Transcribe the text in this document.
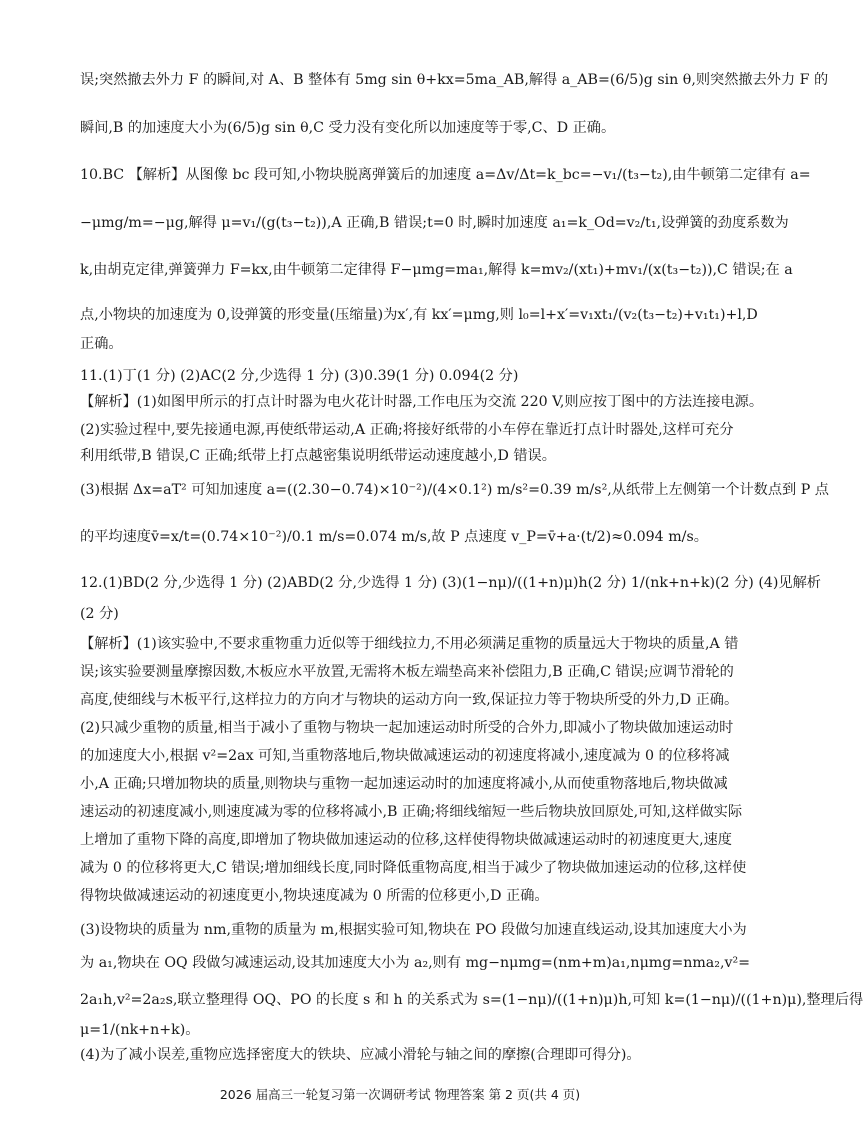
误;突然撤去外力 F 的瞬间,对 A、B 整体有 5mg sin θ+kx=5ma_AB,解得 a_AB=(6/5)g sin θ,则突然撤去外力 F 的
瞬间,B 的加速度大小为(6/5)g sin θ,C 受力没有变化所以加速度等于零,C、D 正确。
10.BC 【解析】从图像 bc 段可知,小物块脱离弹簧后的加速度 a=Δv/Δt=k_bc=−v₁/(t₃−t₂),由牛顿第二定律有 a=
−μmg/m=−μg,解得 μ=v₁/(g(t₃−t₂)),A 正确,B 错误;t=0 时,瞬时加速度 a₁=k_Od=v₂/t₁,设弹簧的劲度系数为
k,由胡克定律,弹簧弹力 F=kx,由牛顿第二定律得 F−μmg=ma₁,解得 k=mv₂/(xt₁)+mv₁/(x(t₃−t₂)),C 错误;在 a
点,小物块的加速度为 0,设弹簧的形变量(压缩量)为x′,有 kx′=μmg,则 l₀=l+x′=v₁xt₁/(v₂(t₃−t₂)+v₁t₁)+l,D
正确。
11.(1)丁(1 分) (2)AC(2 分,少选得 1 分) (3)0.39(1 分) 0.094(2 分)
【解析】(1)如图甲所示的打点计时器为电火花计时器,工作电压为交流 220 V,则应按丁图中的方法连接电源。
(2)实验过程中,要先接通电源,再使纸带运动,A 正确;将接好纸带的小车停在靠近打点计时器处,这样可充分
利用纸带,B 错误,C 正确;纸带上打点越密集说明纸带运动速度越小,D 错误。
(3)根据 Δx=aT² 可知加速度 a=((2.30−0.74)×10⁻²)/(4×0.1²) m/s²=0.39 m/s²,从纸带上左侧第一个计数点到 P 点
的平均速度v̄=x/t=(0.74×10⁻²)/0.1 m/s=0.074 m/s,故 P 点速度 v_P=v̄+a·(t/2)≈0.094 m/s。
12.(1)BD(2 分,少选得 1 分) (2)ABD(2 分,少选得 1 分) (3)(1−nμ)/((1+n)μ)h(2 分) 1/(nk+n+k)(2 分) (4)见解析
(2 分)
【解析】(1)该实验中,不要求重物重力近似等于细线拉力,不用必须满足重物的质量远大于物块的质量,A 错
误;该实验要测量摩擦因数,木板应水平放置,无需将木板左端垫高来补偿阻力,B 正确,C 错误;应调节滑轮的
高度,使细线与木板平行,这样拉力的方向才与物块的运动方向一致,保证拉力等于物块所受的外力,D 正确。
(2)只减少重物的质量,相当于减小了重物与物块一起加速运动时所受的合外力,即减小了物块做加速运动时
的加速度大小,根据 v²=2ax 可知,当重物落地后,物块做减速运动的初速度将减小,速度减为 0 的位移将减
小,A 正确;只增加物块的质量,则物块与重物一起加速运动时的加速度将减小,从而使重物落地后,物块做减
速运动的初速度减小,则速度减为零的位移将减小,B 正确;将细线缩短一些后物块放回原处,可知,这样做实际
上增加了重物下降的高度,即增加了物块做加速运动的位移,这样使得物块做减速运动时的初速度更大,速度
减为 0 的位移将更大,C 错误;增加细线长度,同时降低重物高度,相当于减少了物块做加速运动的位移,这样使
得物块做减速运动的初速度更小,物块速度减为 0 所需的位移更小,D 正确。
(3)设物块的质量为 nm,重物的质量为 m,根据实验可知,物块在 PO 段做匀加速直线运动,设其加速度大小为
为 a₁,物块在 OQ 段做匀减速运动,设其加速度大小为 a₂,则有 mg−nμmg=(nm+m)a₁,nμmg=nma₂,v²=
2a₁h,v²=2a₂s,联立整理得 OQ、PO 的长度 s 和 h 的关系式为 s=(1−nμ)/((1+n)μ)h,可知 k=(1−nμ)/((1+n)μ),整理后得
μ=1/(nk+n+k)。
(4)为了减小误差,重物应选择密度大的铁块、应减小滑轮与轴之间的摩擦(合理即可得分)。
2026 届高三一轮复习第一次调研考试 物理答案 第 2 页(共 4 页)
